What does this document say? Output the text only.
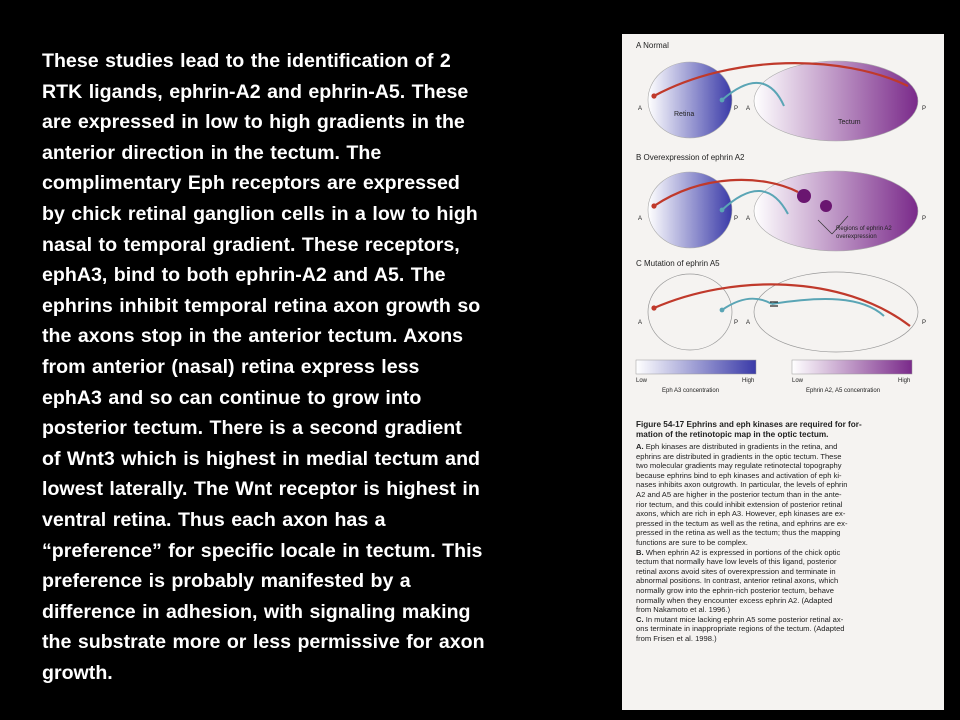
These studies lead to the identification of 2
RTK ligands, ephrin-A2 and ephrin-A5. These
are expressed in low to high gradients in the
anterior direction in the tectum. The
complimentary Eph receptors are expressed
by chick retinal ganglion cells in a low to high
nasal to temporal gradient. These receptors,
ephA3, bind to both ephrin-A2 and A5. The
ephrins inhibit temporal retina axon growth so
the axons stop in the anterior tectum. Axons
from anterior (nasal) retina express less
ephA3 and so can continue to grow into
posterior tectum. There is a second gradient
of Wnt3 which is highest in medial tectum and
lowest laterally. The Wnt receptor is highest in
ventral retina. Thus each axon has a
“preference” for specific locale in tectum. This
preference is probably manifested by a
difference in adhesion, with signaling making
the substrate more or less permissive for axon
growth.

A Normal
Retina
Tectum
A	P A	P
B Overexpression of ephrin A2
A	P A	P
Regions of ephrin A2
overexpression
C Mutation of ephrin A5
A	P A	P
Low	High
Eph A3 concentration
Low	High
Ephrin A2, A5 concentration
Figure 54-17 Ephrins and eph kinases are required for for-
mation of the retinotopic map in the optic tectum.
A. Eph kinases are distributed in gradients in the retina, and
ephrins are distributed in gradients in the optic tectum. These
two molecular gradients may regulate retinotectal topography
because ephrins bind to eph kinases and activation of eph ki-
nases inhibits axon outgrowth. In particular, the levels of ephrin
A2 and A5 are higher in the posterior tectum than in the ante-
rior tectum, and this could inhibit extension of posterior retinal
axons, which are rich in eph A3. However, eph kinases are ex-
pressed in the tectum as well as the retina, and ephrins are ex-
pressed in the retina as well as the tectum; thus the mapping
functions are sure to be complex.
B. When ephrin A2 is expressed in portions of the chick optic
tectum that normally have low levels of this ligand, posterior
retinal axons avoid sites of overexpression and terminate in
abnormal positions. In contrast, anterior retinal axons, which
normally grow into the ephrin-rich posterior tectum, behave
normally when they encounter excess ephrin A2. (Adapted
from Nakamoto et al. 1996.)
C. In mutant mice lacking ephrin A5 some posterior retinal ax-
ons terminate in inappropriate regions of the tectum. (Adapted
from Frisen et al. 1998.)
